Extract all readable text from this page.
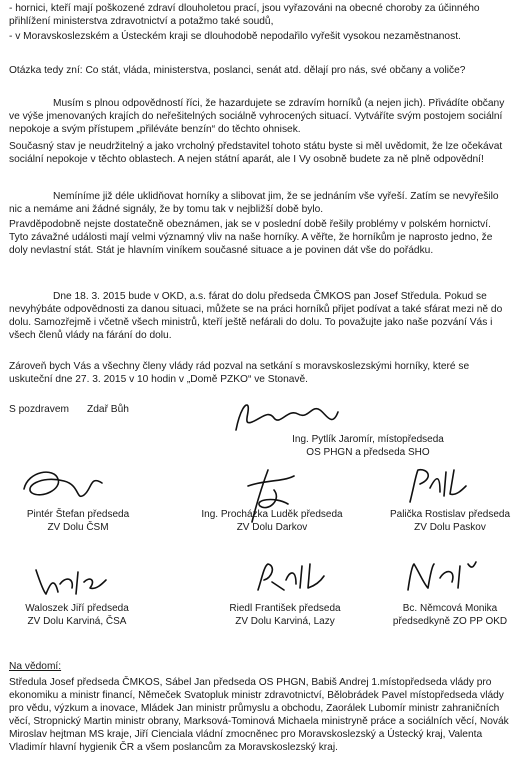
- hornici, kteří mají poškozené zdraví dlouholetou prací, jsou vyřazováni na obecné choroby za účinného přihlížení ministerstva zdravotnictví a potažmo také soudů,

- v Moravskoslezském a Ústeckém kraji se dlouhodobě nepodařilo vyřešit vysokou nezaměstnanost.

Otázka tedy zní: Co stát, vláda, ministerstva, poslanci, senát atd. dělají pro nás, své občany a voliče?

Musím s plnou odpovědností říci, že hazardujete se zdravím horníků (a nejen jich). Přivádíte občany ve výše jmenovaných krajích do neřešitelných sociálně vyhrocených situací. Vytváříte svým postojem sociální nepokoje a svým přístupem „přiléváte benzín“ do těchto ohnisek.

Současný stav je neudržitelný a jako vrcholný představitel tohoto státu byste si měl uvědomit, že lze očekávat sociální nepokoje v těchto oblastech. A nejen státní aparát, ale I Vy osobně budete za ně plně odpovědní!

Nemíníme již déle uklidňovat horníky a slibovat jim, že se jednáním vše vyřeší. Zatím se nevyřešilo nic a nemáme ani žádné signály, že by tomu tak v nejbližší době bylo.

Pravděpodobně nejste dostatečně obeznámen, jak se v poslední době řešily problémy v polském hornictví. Tyto závažné události mají velmi významný vliv na naše horníky. A věřte, že horníkům je naprosto jedno, že doly nevlastní stát. Stát je hlavním viníkem současné situace a je povinen dát vše do pořádku.

Dne 18. 3. 2015 bude v OKD, a.s. fárat do dolu předseda ČMKOS pan Josef Středula. Pokud se nevyhýbáte odpovědnosti za danou situaci, můžete se na práci horníků přijet podívat a také sfárat mezi ně do dolu. Samozřejmě i včetně všech ministrů, kteří ještě nefárali do dolu. To považujte jako naše pozvání Vás i všech členů vlády na fárání do dolu.

Zároveň bych Vás a všechny členy vlády rád pozval na setkání s moravskoslezskými horníky, které se uskuteční dne 27. 3. 2015 v 10 hodin v „Domě PZKO“ ve Stonavě.

S pozdravem Zdař Bůh
Ing. Pytlík Jaromír, místopředseda
OS PHGN a předseda SHO
Pintér Štefan předseda
ZV Dolu ČSM
Ing. Procházka Luděk předseda
ZV Dolu Darkov
Palička Rostislav předseda
ZV Dolu Paskov
Waloszek Jiří předseda
ZV Dolu Karviná, ČSA
Riedl František předseda
ZV Dolu Karviná, Lazy
Bc. Němcová Monika
předsedkyně ZO PP OKD
Na vědomí:

Středula Josef předseda ČMKOS, Sábel Jan předseda OS PHGN, Babiš Andrej 1.místopředseda vlády pro ekonomiku a ministr financí, Němeček Svatopluk ministr zdravotnictví, Bělobrádek Pavel místopředseda vlády pro vědu, výzkum a inovace, Mládek Jan ministr průmyslu a obchodu, Zaorálek Lubomír ministr zahraničních věcí, Stropnický Martin ministr obrany, Marksová-Tominová Michaela ministryně práce a sociálních věcí, Novák Miroslav hejtman MS kraje, Jiří Cienciala vládní zmocněnec pro Moravskoslezský a Ústecký kraj, Valenta Vladimír hlavní hygienik ČR a všem poslancům za Moravskoslezský kraj.
